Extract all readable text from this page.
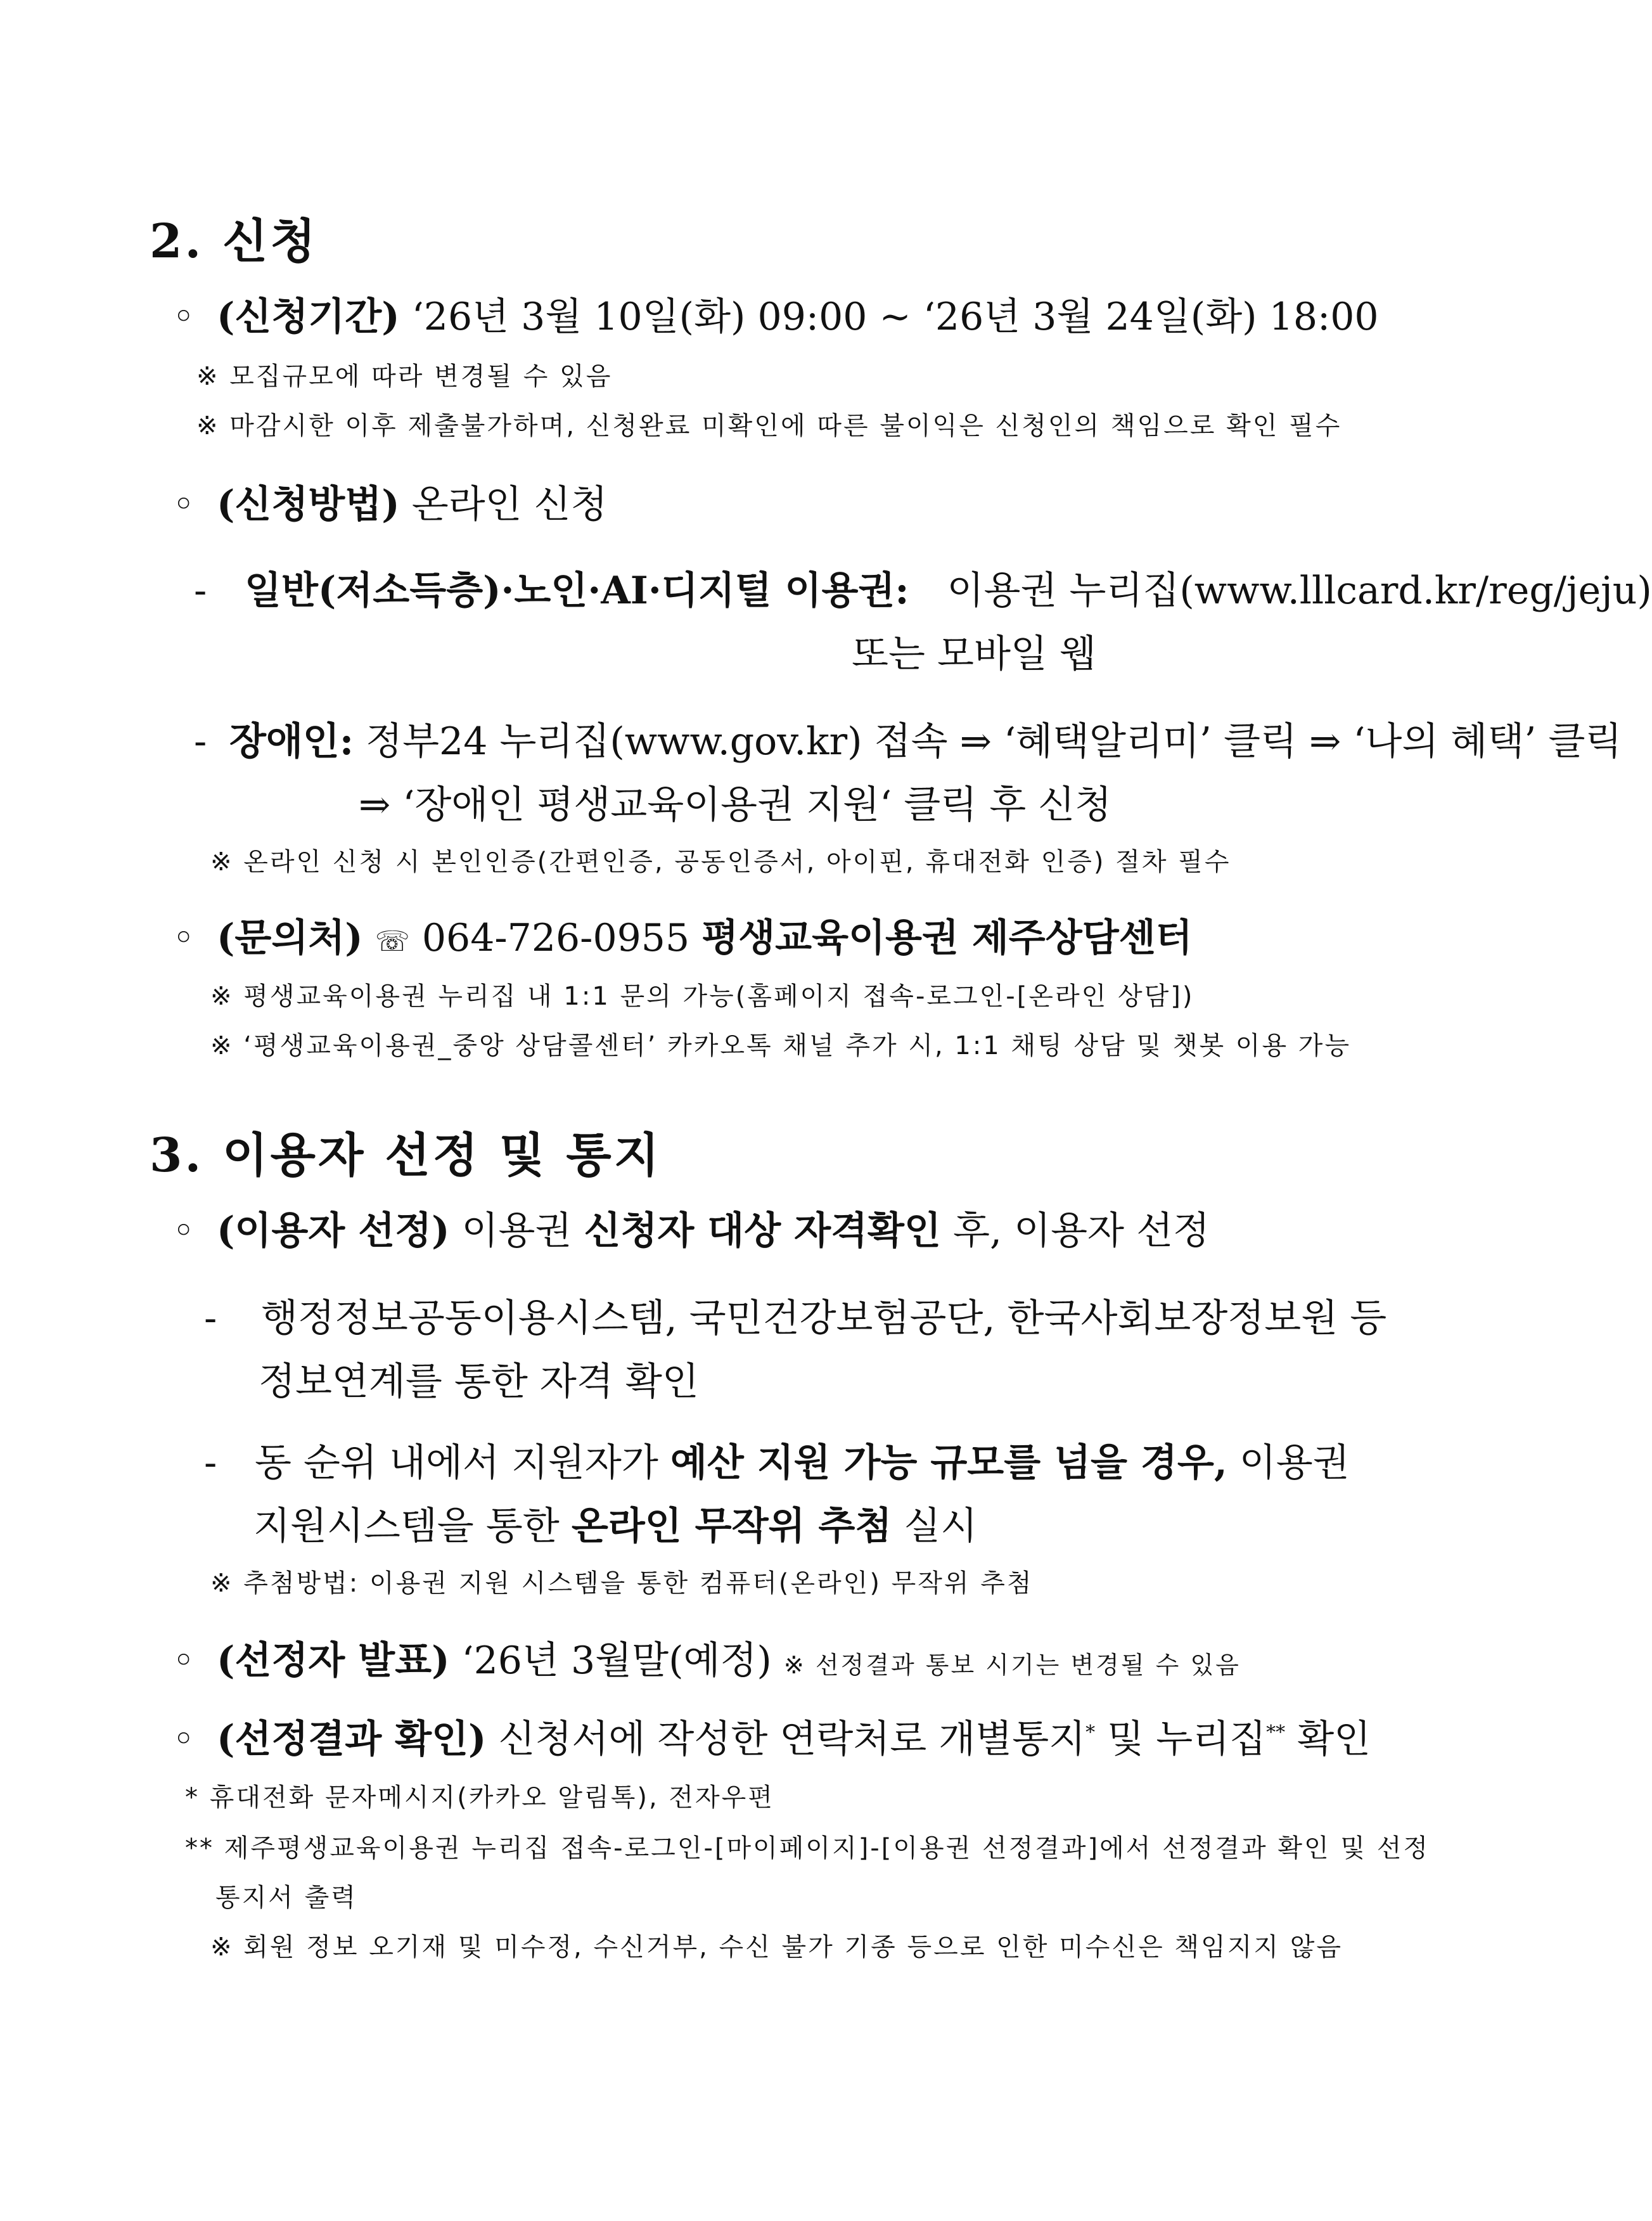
2. 신청
◦ (신청기간) ‘26년 3월 10일(화) 09:00 ~ ‘26년 3월 24일(화) 18:00
※ 모집규모에 따라 변경될 수 있음
※ 마감시한 이후 제출불가하며, 신청완료 미확인에 따른 불이익은 신청인의 책임으로 확인 필수
◦ (신청방법) 온라인 신청
- 일반(저소득층)·노인·AI·디지털 이용권: 이용권 누리집(www.lllcard.kr/reg/jeju)
또는 모바일 웹
- 장애인: 정부24 누리집(www.gov.kr) 접속 ⇒ ‘혜택알리미’ 클릭 ⇒ ‘나의 혜택’ 클릭
⇒ ‘장애인 평생교육이용권 지원‘ 클릭 후 신청
※ 온라인 신청 시 본인인증(간편인증, 공동인증서, 아이핀, 휴대전화 인증) 절차 필수
◦ (문의처) ☏ 064-726-0955 평생교육이용권 제주상담센터
※ 평생교육이용권 누리집 내 1:1 문의 가능(홈페이지 접속-로그인-[온라인 상담])
※ ‘평생교육이용권_중앙 상담콜센터’ 카카오톡 채널 추가 시, 1:1 채팅 상담 및 챗봇 이용 가능
3. 이용자 선정 및 통지
◦ (이용자 선정) 이용권 신청자 대상 자격확인 후, 이용자 선정
- 행정정보공동이용시스템, 국민건강보험공단, 한국사회보장정보원 등
정보연계를 통한 자격 확인
- 동 순위 내에서 지원자가 예산 지원 가능 규모를 넘을 경우, 이용권
지원시스템을 통한 온라인 무작위 추첨 실시
※ 추첨방법: 이용권 지원 시스템을 통한 컴퓨터(온라인) 무작위 추첨
◦ (선정자 발표) ‘26년 3월말(예정) ※ 선정결과 통보 시기는 변경될 수 있음
◦ (선정결과 확인) 신청서에 작성한 연락처로 개별통지* 및 누리집** 확인
* 휴대전화 문자메시지(카카오 알림톡), 전자우편
** 제주평생교육이용권 누리집 접속-로그인-[마이페이지]-[이용권 선정결과]에서 선정결과 확인 및 선정
통지서 출력
※ 회원 정보 오기재 및 미수정, 수신거부, 수신 불가 기종 등으로 인한 미수신은 책임지지 않음
